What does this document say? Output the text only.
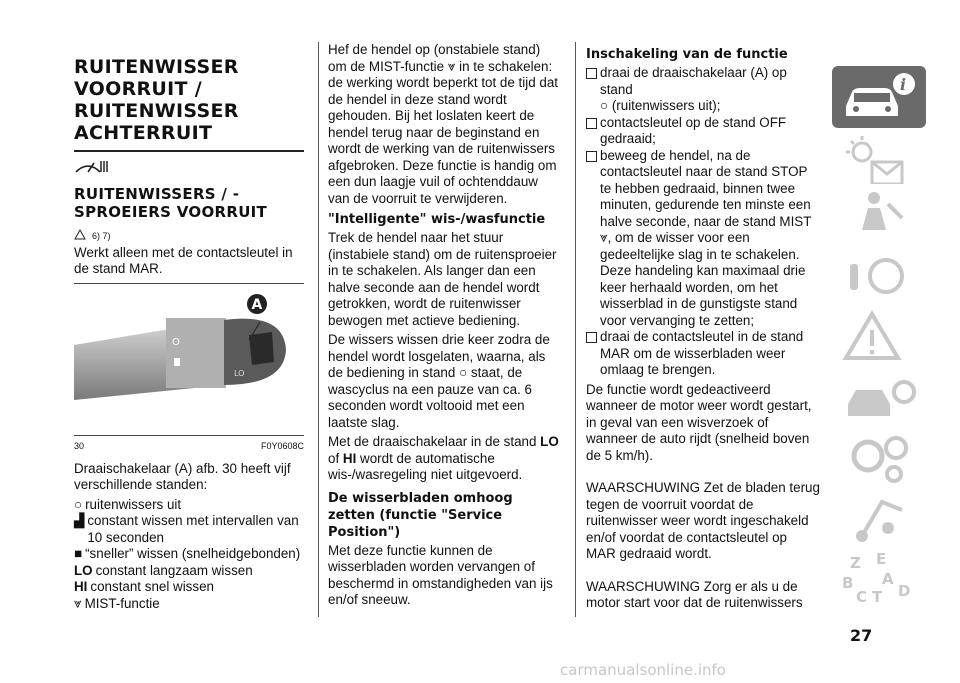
RUITENWISSER VOORRUIT / RUITENWISSER ACHTERRUIT
RUITENWISSERS / -SPROEIERS VOORRUIT
6) 7)

Werkt alleen met de contactsleutel in de stand MAR.

O
LO
A
30	F0Y0608C

Draaischakelaar (A) afb. 30 heeft vijf verschillende standen:

○ ruitenwissers uit
▟ constant wissen met intervallen van 10 seconden
■ “sneller” wissen (snelheidgebonden)
LO constant langzaam wissen
HI constant snel wissen
⩔ MIST-functie

Hef de hendel op (onstabiele stand) om de MIST-functie ⩔ in te schakelen: de werking wordt beperkt tot de tijd dat de hendel in deze stand wordt gehouden. Bij het loslaten keert de hendel terug naar de beginstand en wordt de werking van de ruitenwissers afgebroken. Deze functie is handig om een dun laagje vuil of ochtenddauw van de voorruit te verwijderen.

"Intelligente" wis-/wasfunctie

Trek de hendel naar het stuur (instabiele stand) om de ruitensproeier in te schakelen. Als langer dan een halve seconde aan de hendel wordt getrokken, wordt de ruitenwisser bewogen met actieve bediening.

De wissers wissen drie keer zodra de hendel wordt losgelaten, waarna, als de bediening in stand ○ staat, de wascyclus na een pauze van ca. 6 seconden wordt voltooid met een laatste slag.

Met de draaischakelaar in de stand LO of HI wordt de automatische wis-/wasregeling niet uitgevoerd.

De wisserbladen omhoog zetten (functie "Service Position")

Met deze functie kunnen de wisserbladen worden vervangen of beschermd in omstandigheden van ijs en/of sneeuw.

Inschakeling van de functie
draai de draaischakelaar (A) op stand
○ (ruitenwissers uit);
contactsleutel op de stand OFF gedraaid;
beweeg de hendel, na de contactsleutel naar de stand STOP te hebben gedraaid, binnen twee minuten, gedurende ten minste een halve seconde, naar de stand MIST ⩔, om de wisser voor een gedeeltelijke slag in te schakelen. Deze handeling kan maximaal drie keer herhaald worden, om het wisserblad in de gunstigste stand voor vervanging te zetten;
draai de contactsleutel in de stand MAR om de wisserbladen weer omlaag te brengen.

De functie wordt gedeactiveerd wanneer de motor weer wordt gestart, in geval van een wisverzoek of wanneer de auto rijdt (snelheid boven de 5 km/h).

WAARSCHUWING Zet de bladen terug tegen de voorruit voordat de ruitenwisser weer wordt ingeschakeld en/of voordat de contactsleutel op MAR gedraaid wordt.

WAARSCHUWING Zorg er als u de motor start voor dat de ruitenwissers

i
Z E
B A
C T D
27
carmanualsonline.info
